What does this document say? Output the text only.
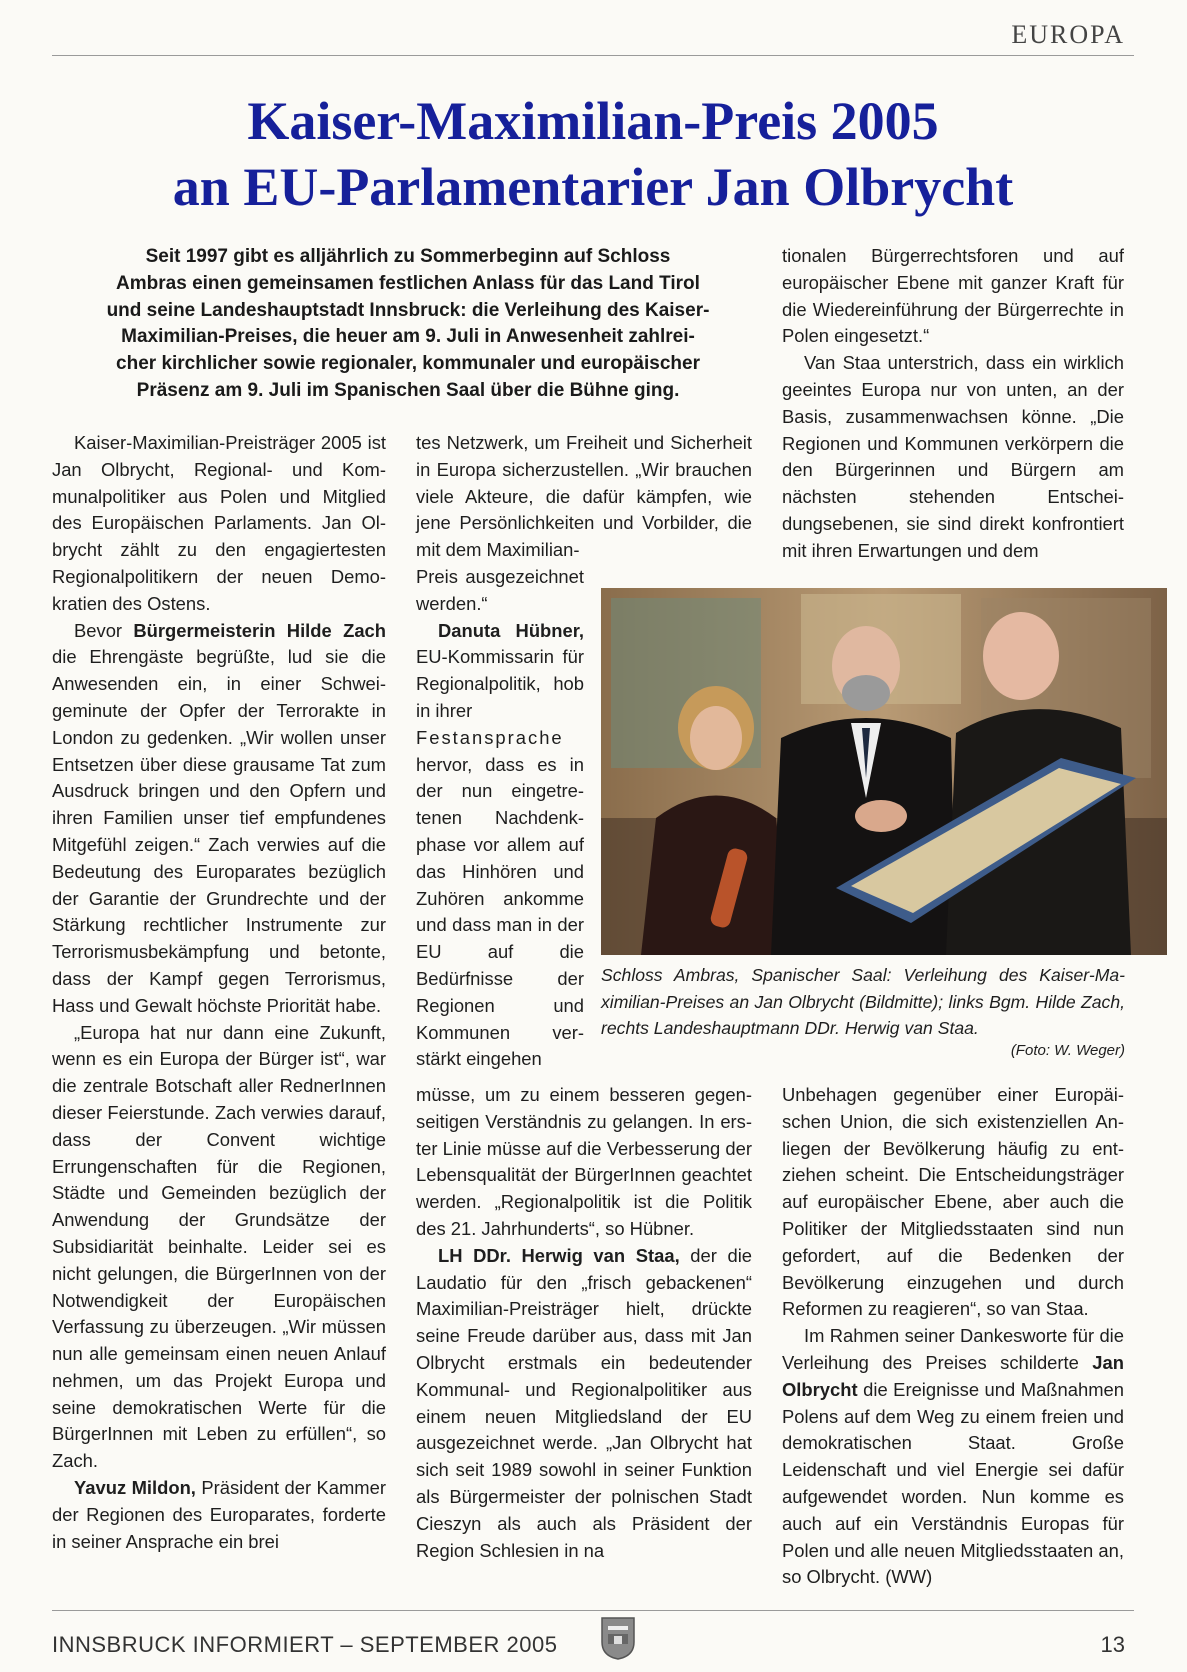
EUROPA
Kaiser-Maximilian-Preis 2005
an EU-Parlamentarier Jan Olbrycht
Seit 1997 gibt es alljährlich zu Sommerbeginn auf Schloss
Ambras einen gemeinsamen festlichen Anlass für das Land Tirol
und seine Landeshauptstadt Innsbruck: die Verleihung des Kaiser-
Maximilian-Preises, die heuer am 9. Juli in Anwesenheit zahlrei-
cher kirchlicher sowie regionaler, kommunaler und europäischer
Präsenz am 9. Juli im Spanischen Saal über die Bühne ging.

Kaiser-Maximilian-Preisträger 2005 ist Jan Olbrycht, Regional- und Kommunalpolitiker aus Polen und Mitglied des Europäischen Parlaments. Jan Olbrycht zählt zu den engagiertesten Regionalpolitikern der neuen Demokratien des Ostens.

Bevor Bürgermeisterin Hilde Zach die Ehrengäste begrüßte, lud sie die Anwesenden ein, in einer Schweigeminute der Opfer der Terrorakte in London zu gedenken. „Wir wollen unser Entsetzen über diese grausame Tat zum Ausdruck bringen und den Opfern und ihren Familien unser tief empfundenes Mitgefühl zeigen.“ Zach verwies auf die Bedeutung des Europarates bezüglich der Garantie der Grundrechte und der Stärkung rechtlicher Instrumente zur Terrorismusbekämpfung und betonte, dass der Kampf gegen Terrorismus, Hass und Gewalt höchste Priorität habe.

„Europa hat nur dann eine Zukunft, wenn es ein Europa der Bürger ist“, war die zentrale Botschaft aller RednerInnen dieser Feierstunde. Zach verwies darauf, dass der Convent wichtige Errungenschaften für die Regionen, Städte und Gemeinden bezüglich der Anwendung der Grundsätze der Subsidiarität beinhalte. Leider sei es nicht gelungen, die BürgerInnen von der Notwendigkeit der Europäischen Verfassung zu überzeugen. „Wir müssen nun alle gemeinsam einen neuen Anlauf nehmen, um das Projekt Europa und seine demokratischen Werte für die BürgerInnen mit Leben zu erfüllen“, so Zach.

Yavuz Mildon, Präsident der Kammer der Regionen des Europarates, forderte in seiner Ansprache ein brei

tes Netzwerk, um Freiheit und Sicherheit in Europa sicherzustellen. „Wir brauchen viele Akteure, die dafür kämpfen, wie jene Persönlichkeiten und Vorbilder, die mit dem Maximilian-

Preis ausgezeichnet werden.“

Danuta Hübner, EU-Kommissarin für Regionalpolitik, hob in ihrer

Festansprache

hervor, dass es in der nun eingetretenen Nachdenkphase vor allem auf das Hinhören und Zuhören ankomme und dass man in der EU auf die Bedürfnisse der Regionen und Kommunen verstärkt eingehen

müsse, um zu einem besseren gegenseitigen Verständnis zu gelangen. In erster Linie müsse auf die Verbesserung der Lebensqualität der BürgerInnen geachtet werden. „Regionalpolitik ist die Politik des 21. Jahrhunderts“, so Hübner.

LH DDr. Herwig van Staa, der die Laudatio für den „frisch gebackenen“ Maximilian-Preisträger hielt, drückte seine Freude darüber aus, dass mit Jan Olbrycht erstmals ein bedeutender Kommunal- und Regionalpolitiker aus einem neuen Mitgliedsland der EU ausgezeichnet werde. „Jan Olbrycht hat sich seit 1989 sowohl in seiner Funktion als Bürgermeister der polnischen Stadt Cieszyn als auch als Präsident der Region Schlesien in na

tionalen Bürgerrechtsforen und auf europäischer Ebene mit ganzer Kraft für die Wiedereinführung der Bürgerrechte in Polen eingesetzt.“

Van Staa unterstrich, dass ein wirklich geeintes Europa nur von unten, an der Basis, zusammenwachsen könne. „Die Regionen und Kommunen verkörpern die den Bürgerinnen und Bürgern am nächsten stehenden Entscheidungsebenen, sie sind direkt konfrontiert mit ihren Erwartungen und dem

Schloss Ambras, Spanischer Saal: Verleihung des Kaiser-Maximilian-Preises an Jan Olbrycht (Bildmitte); links Bgm. Hilde Zach, rechts Landeshauptmann DDr. Herwig van Staa.
(Foto: W. Weger)

Unbehagen gegenüber einer Europäischen Union, die sich existenziellen Anliegen der Bevölkerung häufig zu entziehen scheint. Die Entscheidungsträger auf europäischer Ebene, aber auch die Politiker der Mitgliedsstaaten sind nun gefordert, auf die Bedenken der Bevölkerung einzugehen und durch Reformen zu reagieren“, so van Staa.

Im Rahmen seiner Dankesworte für die Verleihung des Preises schilderte Jan Olbrycht die Ereignisse und Maßnahmen Polens auf dem Weg zu einem freien und demokratischen Staat. Große Leidenschaft und viel Energie sei dafür aufgewendet worden. Nun komme es auch auf ein Verständnis Europas für Polen und alle neuen Mitgliedsstaaten an, so Olbrycht. (WW)

INNSBRUCK INFORMIERT – SEPTEMBER 2005	13
